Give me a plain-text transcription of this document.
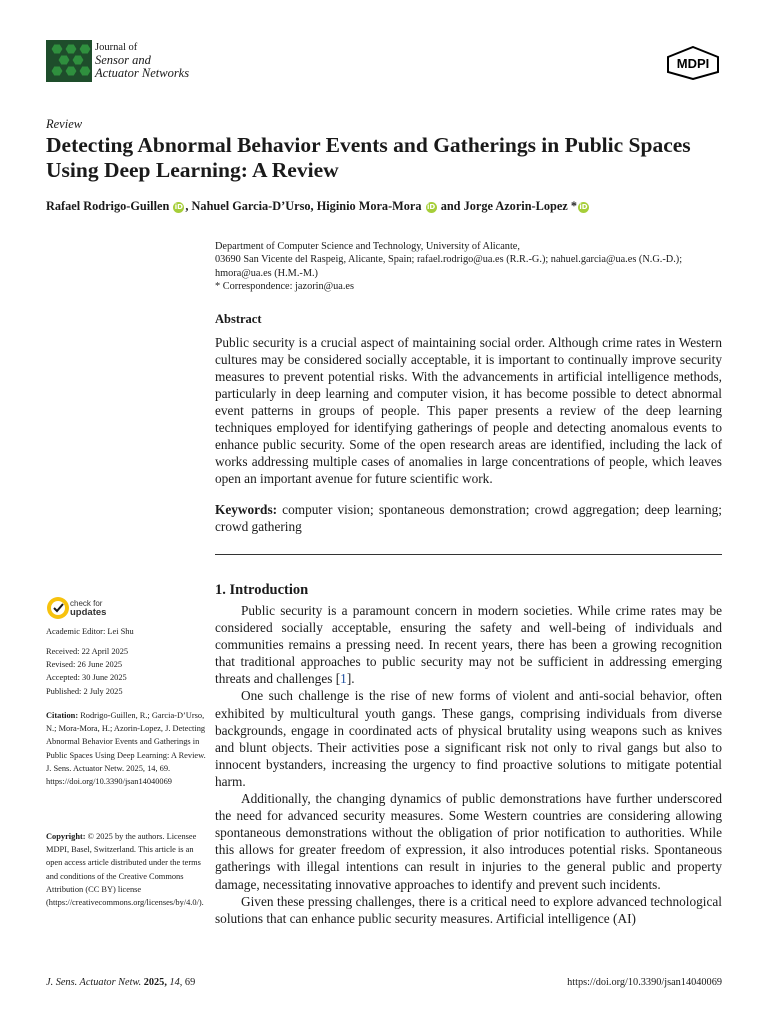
Journal of
Sensor and
Actuator Networks
MDPI
Review
Detecting Abnormal Behavior Events and Gatherings in Public Spaces Using Deep Learning: A Review
Rafael Rodrigo-Guillen iD , Nahuel Garcia-D’Urso, Higinio Mora-Mora iD and Jorge Azorin-Lopez * iD
Department of Computer Science and Technology, University of Alicante,
03690 San Vicente del Raspeig, Alicante, Spain; rafael.rodrigo@ua.es (R.R.-G.); nahuel.garcia@ua.es (N.G.-D.);
hmora@ua.es (H.M.-M.)
* Correspondence: jazorin@ua.es
Abstract
Public security is a crucial aspect of maintaining social order. Although crime rates in Western cultures may be considered socially acceptable, it is important to continually improve security measures to prevent potential risks. With the advancements in artificial intelligence methods, particularly in deep learning and computer vision, it has become possible to detect abnormal event patterns in groups of people. This paper presents a review of the deep learning techniques employed for identifying gatherings of people and detecting anomalous events to enhance public security. Some of the open research areas are identified, including the lack of works addressing multiple cases of anomalies in large concentrations of people, which leaves open an important avenue for future scientific work.
Keywords: computer vision; spontaneous demonstration; crowd aggregation; deep learning; crowd gathering
check for
updates
Academic Editor: Lei Shu
Received: 22 April 2025
Revised: 26 June 2025
Accepted: 30 June 2025
Published: 2 July 2025
Citation: Rodrigo-Guillen, R.; Garcia-D’Urso, N.; Mora-Mora, H.; Azorin-Lopez, J. Detecting Abnormal Behavior Events and Gatherings in Public Spaces Using Deep Learning: A Review. J. Sens. Actuator Netw. 2025, 14, 69. https://doi.org/10.3390/jsan14040069
Copyright: © 2025 by the authors. Licensee MDPI, Basel, Switzerland. This article is an open access article distributed under the terms and conditions of the Creative Commons Attribution (CC BY) license (https://creativecommons.org/licenses/by/4.0/).
1. Introduction

Public security is a paramount concern in modern societies. While crime rates may be considered socially acceptable, ensuring the safety and well-being of individuals and communities remains a pressing need. In recent years, there has been a growing recognition that traditional approaches to public security may not be sufficient in addressing emerging threats and challenges [1].

One such challenge is the rise of new forms of violent and anti-social behavior, often exhibited by multicultural youth gangs. These gangs, comprising individuals from diverse backgrounds, engage in coordinated acts of physical brutality using weapons such as knives and blunt objects. Their activities pose a significant risk not only to rival gangs but also to innocent bystanders, increasing the urgency to find proactive solutions to mitigate potential harm.

Additionally, the changing dynamics of public demonstrations have further underscored the need for advanced security measures. Some Western countries are considering allowing spontaneous demonstrations without the obligation of prior notification to authorities. While this allows for greater freedom of expression, it also introduces potential risks. Spontaneous gatherings with illegal intentions can result in injuries to the general public and property damage, necessitating innovative approaches to identify and prevent such incidents.

Given these pressing challenges, there is a critical need to explore advanced technological solutions that can enhance public security measures. Artificial intelligence (AI)

J. Sens. Actuator Netw. 2025, 14, 69	https://doi.org/10.3390/jsan14040069
